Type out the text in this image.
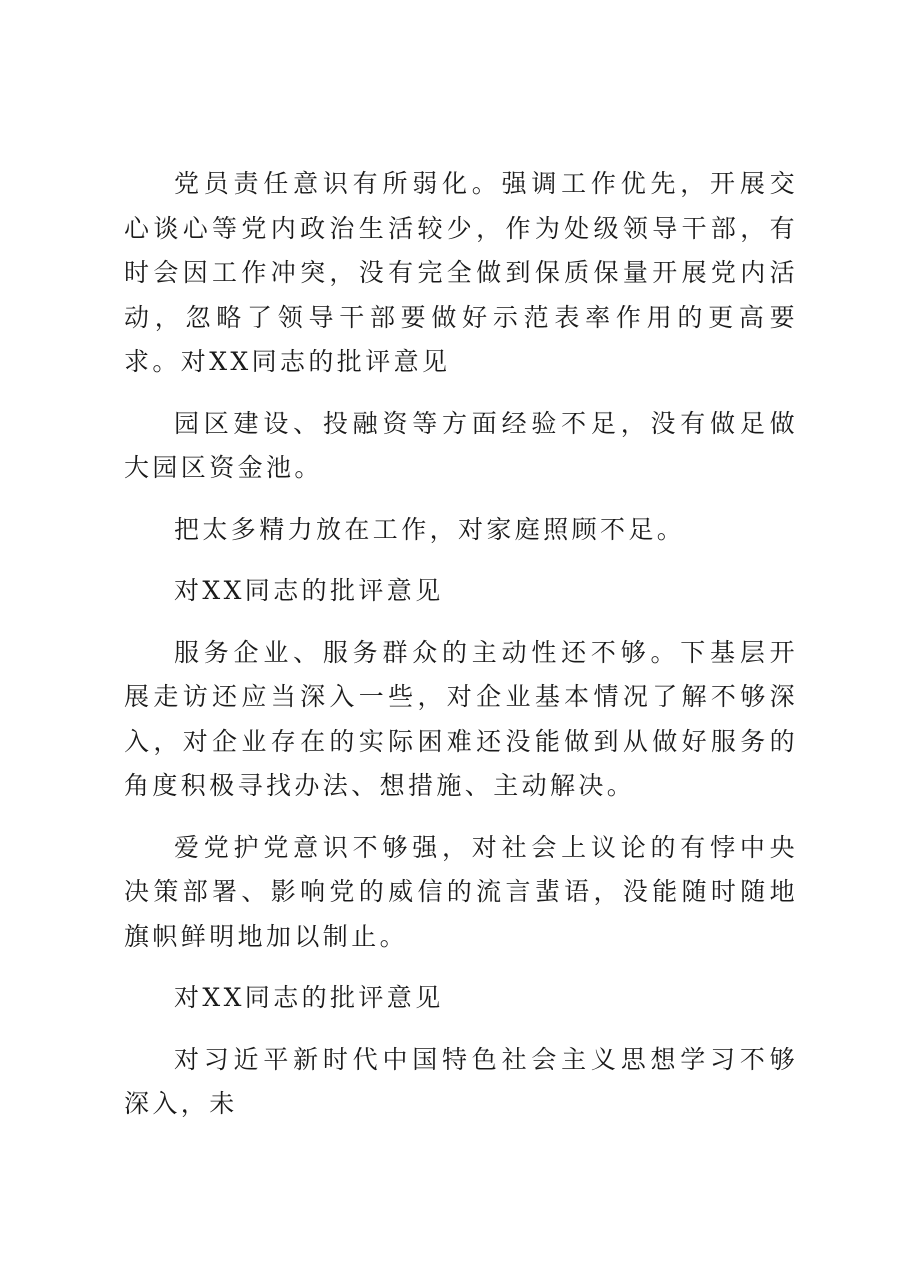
党员责任意识有所弱化。强调工作优先，开展交心谈心等党内政治生活较少，作为处级领导干部，有时会因工作冲突，没有完全做到保质保量开展党内活动，忽略了领导干部要做好示范表率作用的更高要求。对XX同志的批评意见

园区建设、投融资等方面经验不足，没有做足做大园区资金池。

把太多精力放在工作，对家庭照顾不足。

对XX同志的批评意见

服务企业、服务群众的主动性还不够。下基层开展走访还应当深入一些，对企业基本情况了解不够深入，对企业存在的实际困难还没能做到从做好服务的角度积极寻找办法、想措施、主动解决。

爱党护党意识不够强，对社会上议论的有悖中央决策部署、影响党的威信的流言蜚语，没能随时随地旗帜鲜明地加以制止。

对XX同志的批评意见

对习近平新时代中国特色社会主义思想学习不够深入，未
